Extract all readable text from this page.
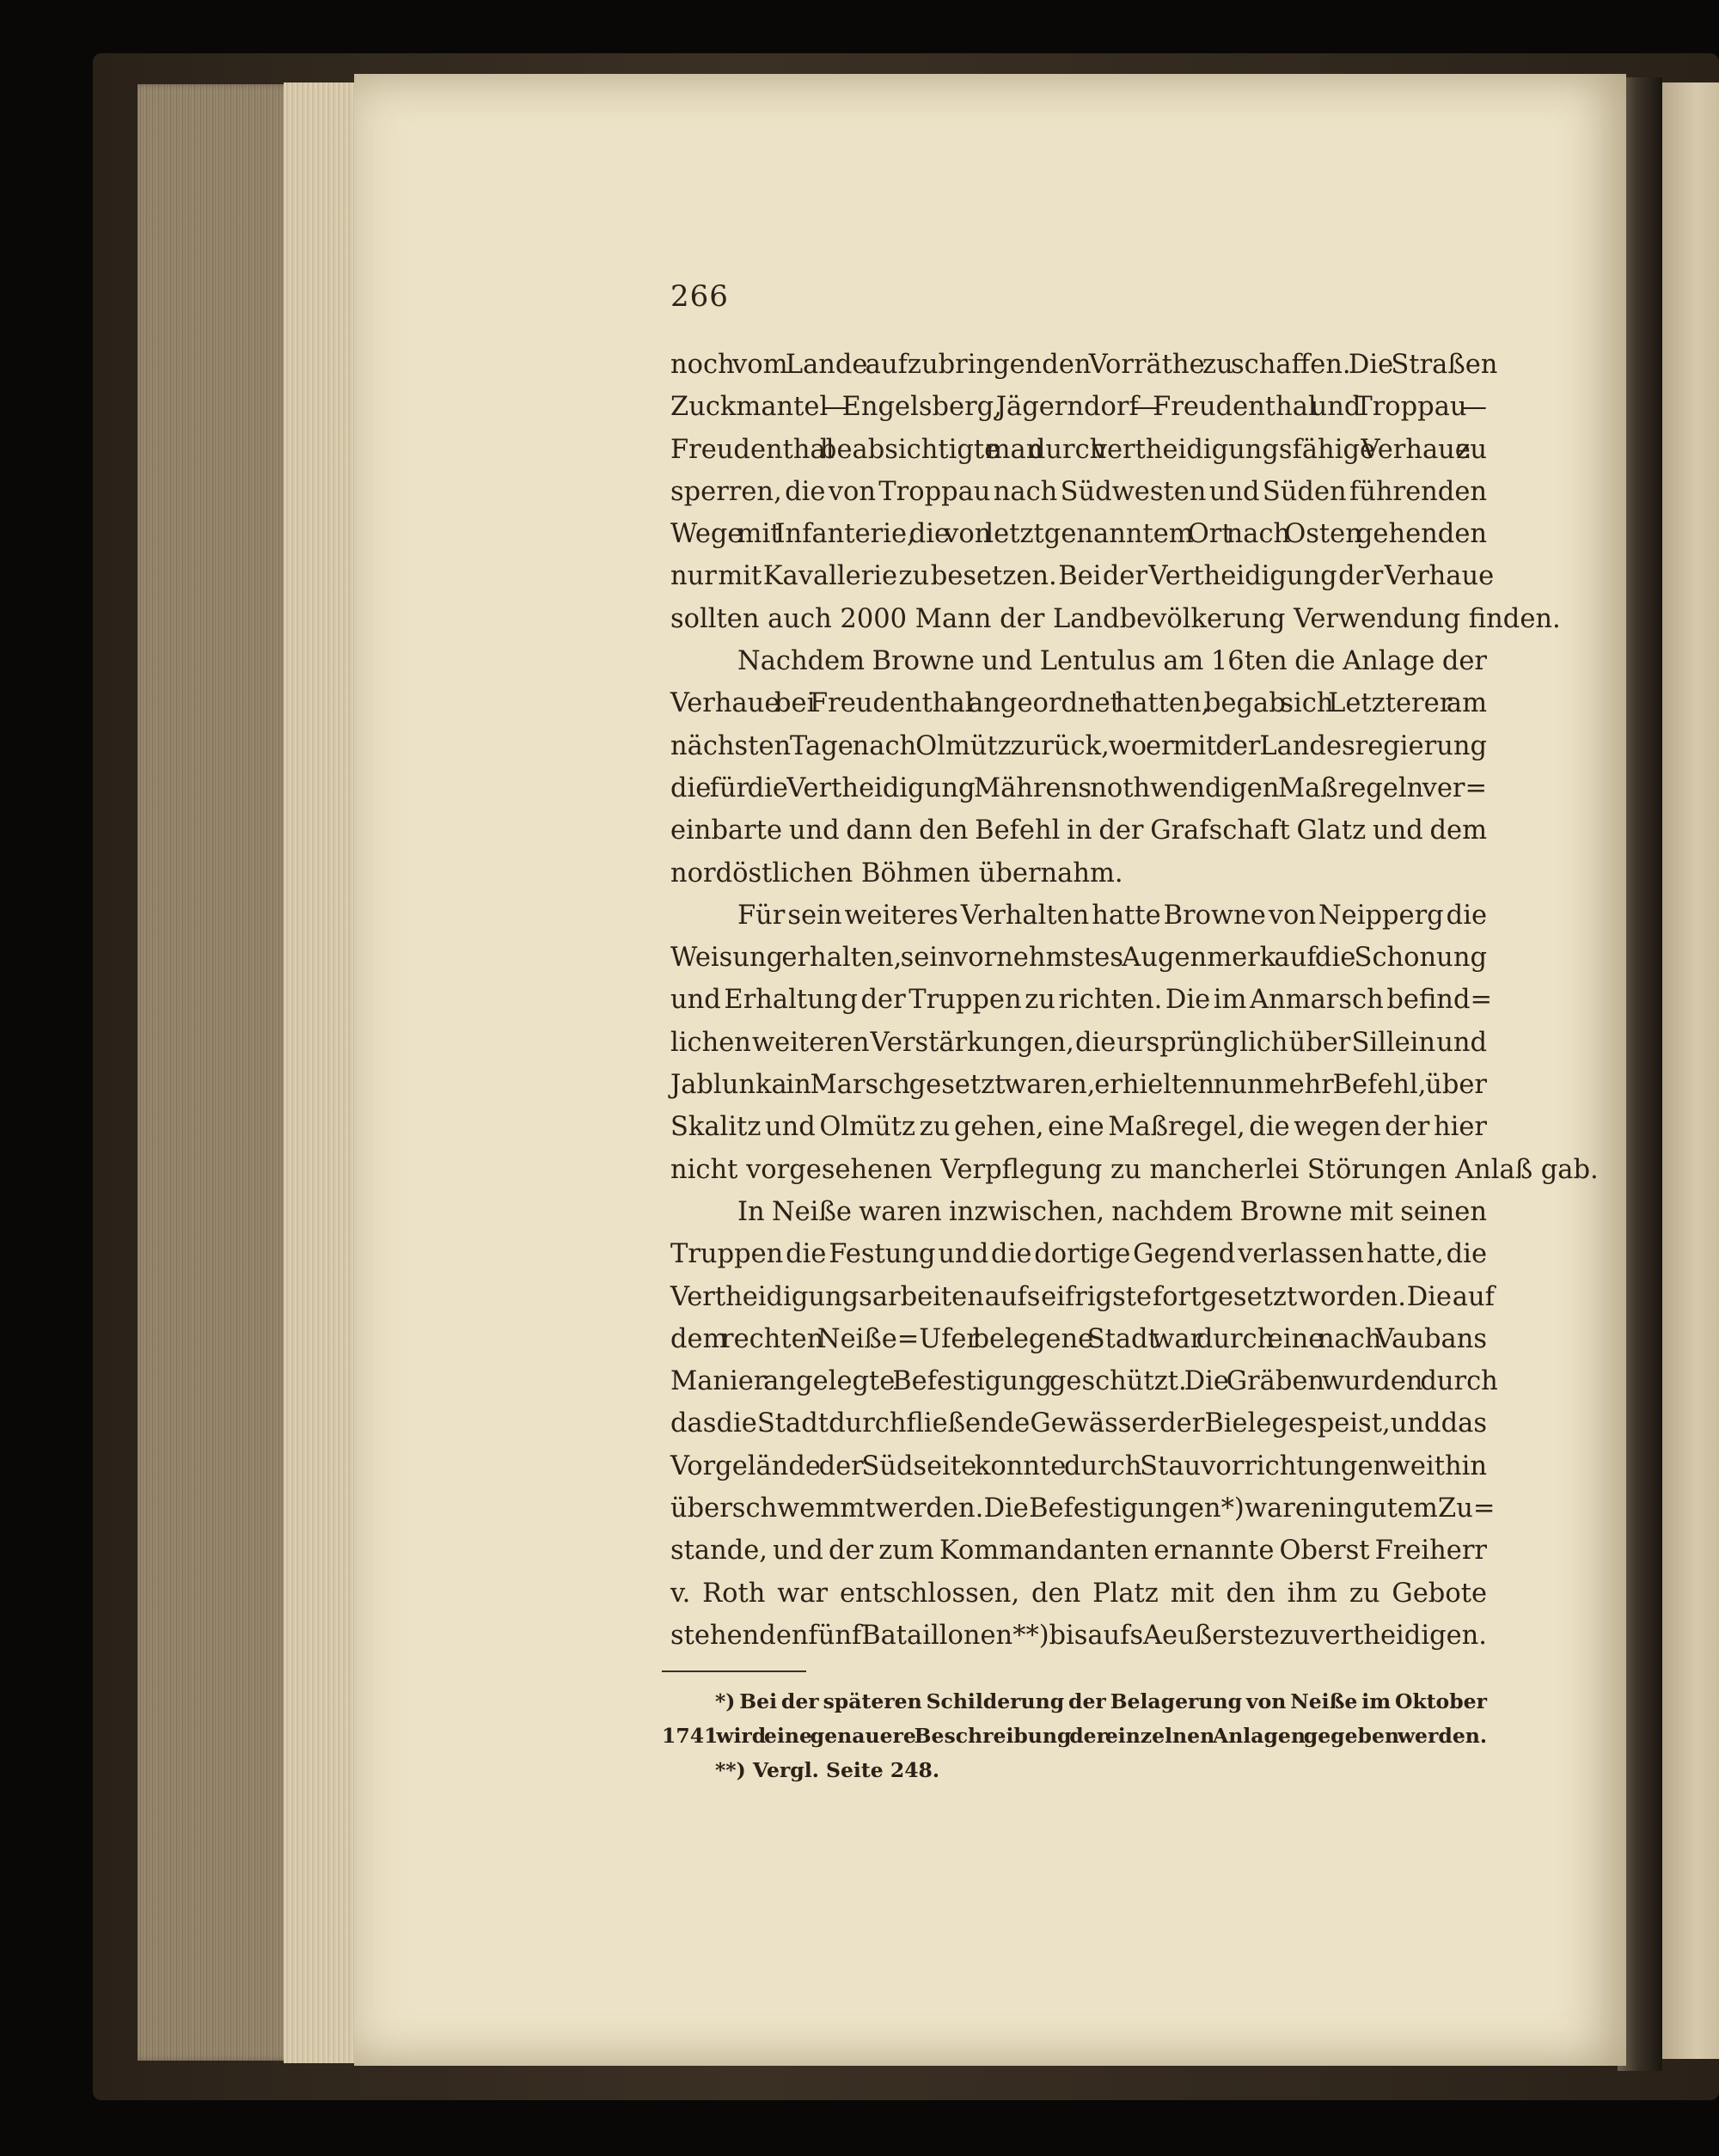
266
noch vom Lande aufzubringenden Vorräthe zu schaffen. Die Straßen
Zuckmantel — Engelsberg, Jägerndorf — Freudenthal und Troppau —
Freudenthal beabsichtigte man durch vertheidigungsfähige Verhaue zu
sperren, die von Troppau nach Südwesten und Süden führenden
Wege mit Infanterie, die von letztgenanntem Ort nach Osten gehenden
nur mit Kavallerie zu besetzen. Bei der Vertheidigung der Verhaue
sollten auch 2000 Mann der Landbevölkerung Verwendung finden.
Nachdem Browne und Lentulus am 16ten die Anlage der
Verhaue bei Freudenthal angeordnet hatten, begab sich Letzterer am
nächsten Tage nach Olmütz zurück, wo er mit der Landesregierung
die für die Vertheidigung Mährens nothwendigen Maßregeln ver=
einbarte und dann den Befehl in der Grafschaft Glatz und dem
nordöstlichen Böhmen übernahm.
Für sein weiteres Verhalten hatte Browne von Neipperg die
Weisung erhalten, sein vornehmstes Augenmerk auf die Schonung
und Erhaltung der Truppen zu richten. Die im Anmarsch befind=
lichen weiteren Verstärkungen, die ursprünglich über Sillein und
Jablunka in Marsch gesetzt waren, erhielten nunmehr Befehl, über
Skalitz und Olmütz zu gehen, eine Maßregel, die wegen der hier
nicht vorgesehenen Verpflegung zu mancherlei Störungen Anlaß gab.
In Neiße waren inzwischen, nachdem Browne mit seinen
Truppen die Festung und die dortige Gegend verlassen hatte, die
Vertheidigungsarbeiten aufs eifrigste fortgesetzt worden. Die auf
dem rechten Neiße=Ufer belegene Stadt war durch eine nach Vaubans
Manier angelegte Befestigung geschützt. Die Gräben wurden durch
das die Stadt durchfließende Gewässer der Biele gespeist, und das
Vorgelände der Südseite konnte durch Stauvorrichtungen weithin
überschwemmt werden. Die Befestigungen*) waren in gutem Zu=
stande, und der zum Kommandanten ernannte Oberst Freiherr
v. Roth war entschlossen, den Platz mit den ihm zu Gebote
stehenden fünf Bataillonen**) bis aufs Aeußerste zu vertheidigen.
*) Bei der späteren Schilderung der Belagerung von Neiße im Oktober
1741 wird eine genauere Beschreibung der einzelnen Anlagen gegeben werden.
**) Vergl. Seite 248.
